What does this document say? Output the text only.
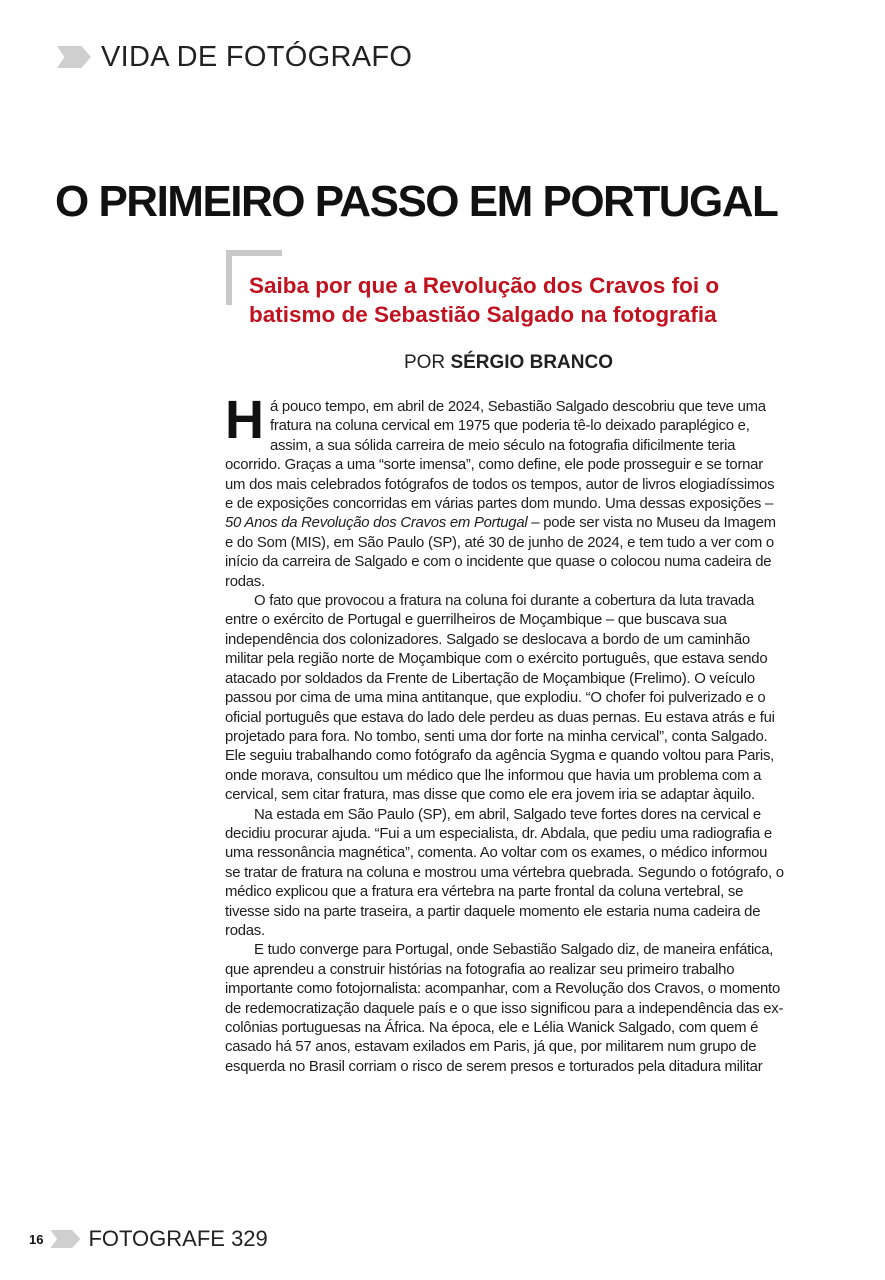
VIDA DE FOTÓGRAFO
O PRIMEIRO PASSO EM PORTUGAL
Saiba por que a Revolução dos Cravos foi o batismo de Sebastião Salgado na fotografia
POR SÉRGIO BRANCO

Há pouco tempo, em abril de 2024, Sebastião Salgado descobriu que teve uma fratura na coluna cervical em 1975 que poderia tê-lo deixado paraplégico e, assim, a sua sólida carreira de meio século na fotografia dificilmente teria ocorrido. Graças a uma “sorte imensa”, como define, ele pode prosseguir e se tornar um dos mais celebrados fotógrafos de todos os tempos, autor de livros elogiadíssimos e de exposições concorridas em várias partes dom mundo. Uma dessas exposições – 50 Anos da Revolução dos Cravos em Portugal – pode ser vista no Museu da Imagem e do Som (MIS), em São Paulo (SP), até 30 de junho de 2024, e tem tudo a ver com o início da carreira de Salgado e com o incidente que quase o colocou numa cadeira de rodas.

O fato que provocou a fratura na coluna foi durante a cobertura da luta travada entre o exército de Portugal e guerrilheiros de Moçambique – que buscava sua independência dos colonizadores. Salgado se deslocava a bordo de um caminhão militar pela região norte de Moçambique com o exército português, que estava sendo atacado por soldados da Frente de Libertação de Moçambique (Frelimo). O veículo passou por cima de uma mina antitanque, que explodiu. “O chofer foi pulverizado e o oficial português que estava do lado dele perdeu as duas pernas. Eu estava atrás e fui projetado para fora. No tombo, senti uma dor forte na minha cervical”, conta Salgado. Ele seguiu trabalhando como fotógrafo da agência Sygma e quando voltou para Paris, onde morava, consultou um médico que lhe informou que havia um problema com a cervical, sem citar fratura, mas disse que como ele era jovem iria se adaptar àquilo.

Na estada em São Paulo (SP), em abril, Salgado teve fortes dores na cervical e decidiu procurar ajuda. “Fui a um especialista, dr. Abdala, que pediu uma radiografia e uma ressonância magnética”, comenta. Ao voltar com os exames, o médico informou se tratar de fratura na coluna e mostrou uma vértebra quebrada. Segundo o fotógrafo, o médico explicou que a fratura era vértebra na parte frontal da coluna vertebral, se tivesse sido na parte traseira, a partir daquele momento ele estaria numa cadeira de rodas.

E tudo converge para Portugal, onde Sebastião Salgado diz, de maneira enfática, que aprendeu a construir histórias na fotografia ao realizar seu primeiro trabalho importante como fotojornalista: acompanhar, com a Revolução dos Cravos, o momento de redemocratização daquele país e o que isso significou para a independência das ex-colônias portuguesas na África. Na época, ele e Lélia Wanick Salgado, com quem é casado há 57 anos, estavam exilados em Paris, já que, por militarem num grupo de esquerda no Brasil corriam o risco de serem presos e torturados pela ditadura militar

16 FOTOGRAFE 329
